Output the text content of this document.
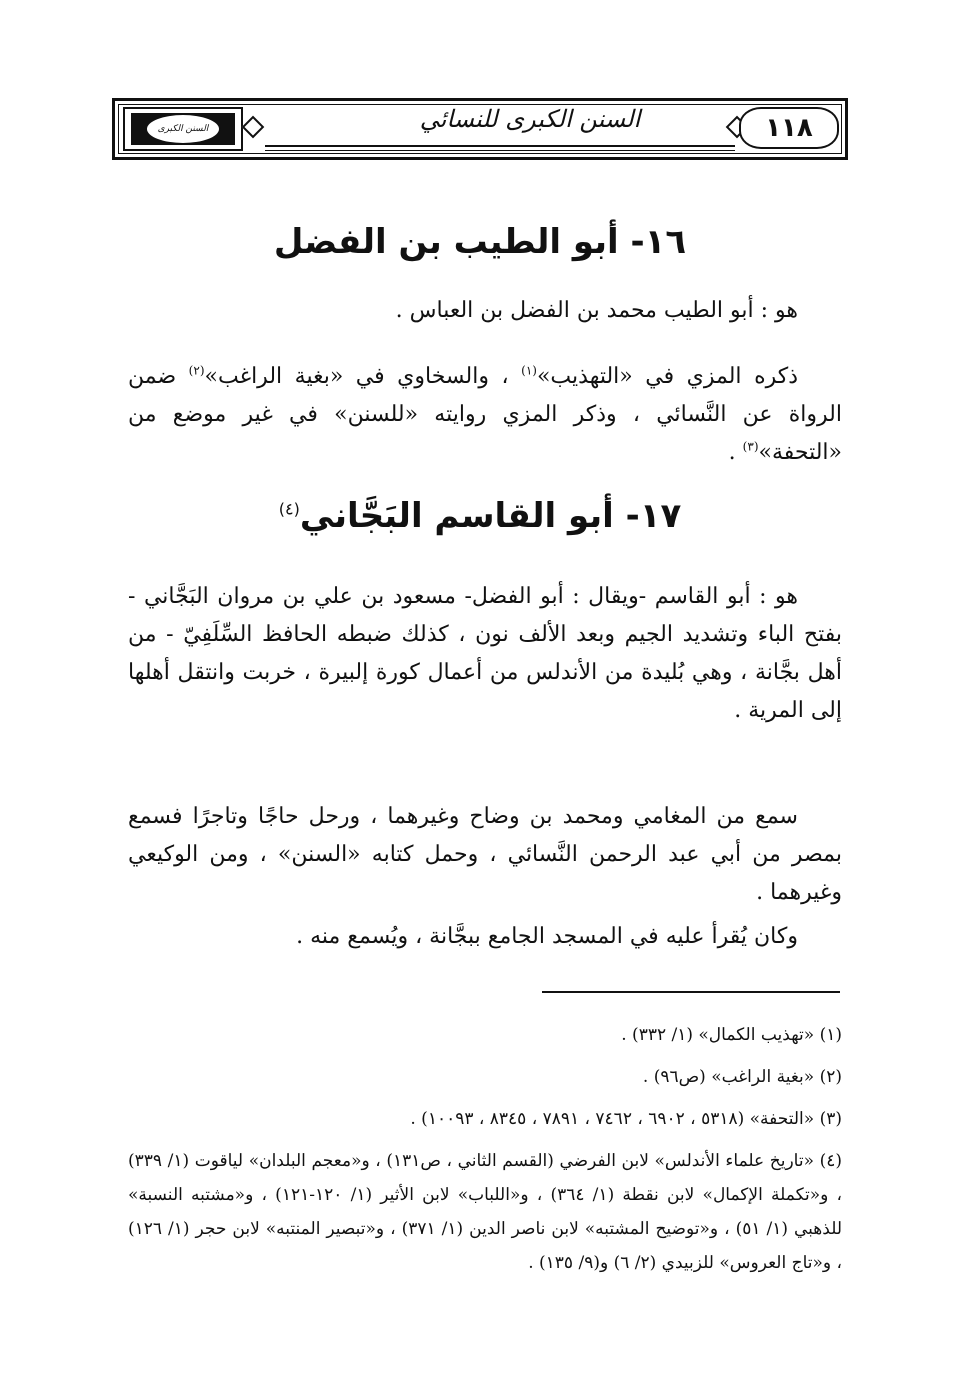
السنن الكبرى	السنن الكبرى للنسائي	١١٨
١٦- أبو الطيب بن الفضل
هو : أبو الطيب محمد بن الفضل بن العباس .
ذكره المزي في «التهذيب»$^{(١)}$ ، والسخاوي في «بغية الراغب»$^{(٢)}$ ضمن الرواة عن النَّسائي ، وذكر المزي روايته «للسنن» في غير موضع من «التحفة»$^{(٣)}$ .
١٧- أبو القاسم البَجَّاني$^{(٤)}$
هو : أبو القاسم -ويقال : أبو الفضل- مسعود بن علي بن مروان البَجَّاني - بفتح الباء وتشديد الجيم وبعد الألف نون ، كذلك ضبطه الحافظ السِّلَفِيّ - من أهل بجَّانة ، وهي بُليدة من الأندلس من أعمال كورة إلبيرة ، خربت وانتقل أهلها إلى المرية .
سمع من المغامي ومحمد بن وضاح وغيرهما ، ورحل حاجًا وتاجرًا فسمع بمصر من أبي عبد الرحمن النَّسائي ، وحمل كتابه «السنن» ، ومن الوكيعي وغيرهما .
وكان يُقرأ عليه في المسجد الجامع ببجَّانة ، ويُسمع منه .
(١) «تهذيب الكمال» (١/ ٣٣٢) .
(٢) «بغية الراغب» (ص٩٦) .
(٣) «التحفة» (٥٣١٨ ، ٦٩٠٢ ، ٧٤٦٢ ، ٧٨٩١ ، ٨٣٤٥ ، ١٠٠٩٣) .
(٤) «تاريخ علماء الأندلس» لابن الفرضي (القسم الثاني ، ص١٣١) ، و«معجم البلدان» لياقوت (١/ ٣٣٩) ، و«تكملة الإكمال» لابن نقطة (١/ ٣٦٤) ، و«اللباب» لابن الأثير (١/ ١٢٠-١٢١) ، و«مشتبه النسبة» للذهبي (١/ ٥١) ، و«توضيح المشتبه» لابن ناصر الدين (١/ ٣٧١) ، و«تبصير المنتبه» لابن حجر (١/ ١٢٦) ، و«تاج العروس» للزبيدي (٢/ ٦) و(٩/ ١٣٥) .
